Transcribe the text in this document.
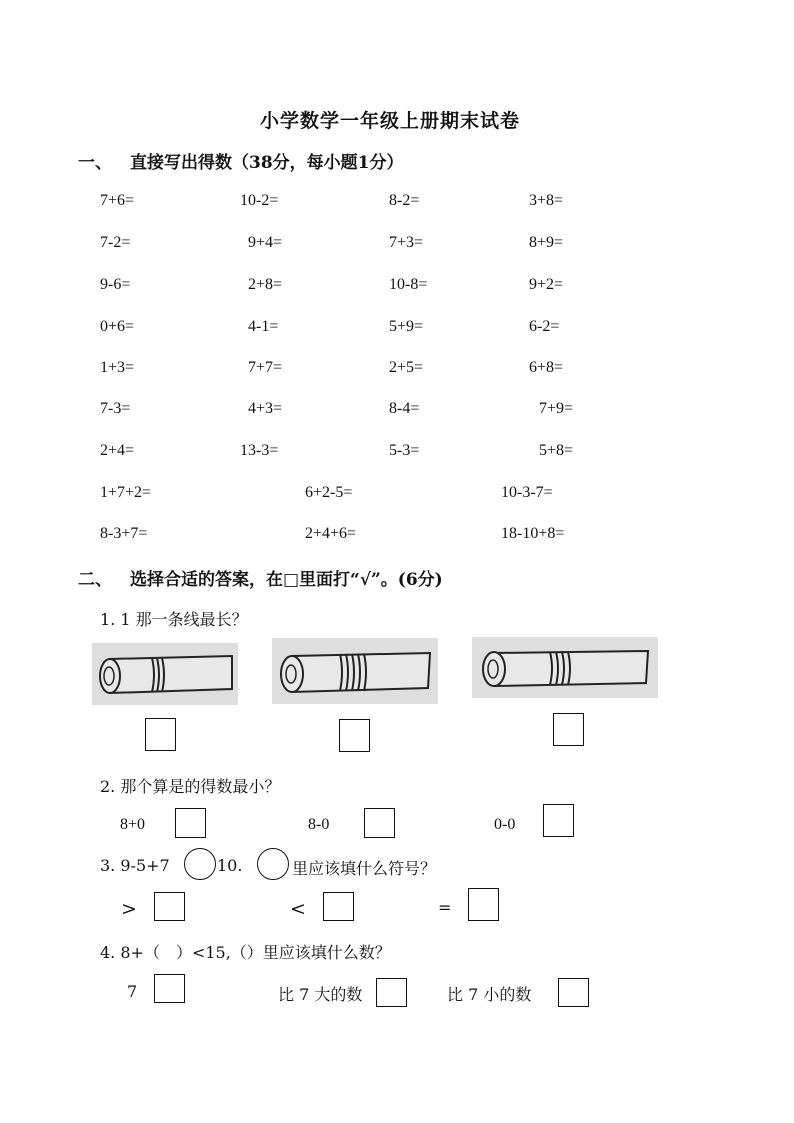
小学数学一年级上册期末试卷
一、 直接写出得数（38分，每小题1分）
7+6=	10-2=	8-2=	3+8=
7-2=	9+4=	7+3=	8+9=
9-6=	2+8=	10-8=	9+2=
0+6=	4-1=	5+9=	6-2=
1+3=	7+7=	2+5=	6+8=
7-3=	4+3=	8-4=	7+9=
2+4=	13-3=	5-3=	5+8=
1+7+2=	6+2-5=	10-3-7=
8-3+7=	2+4+6=	18-10+8=
二、 选择合适的答案，在□里面打“√”。(6分)
1. 1 那一条线最长？
2. 那个算是的得数最小？
8+0	8-0	0-0
3. 9-5+7	10.	里应该填什么符号？
>	<	=
4. 8+（　）<15,（）里应该填什么数？
7	比 7 大的数	比 7 小的数
